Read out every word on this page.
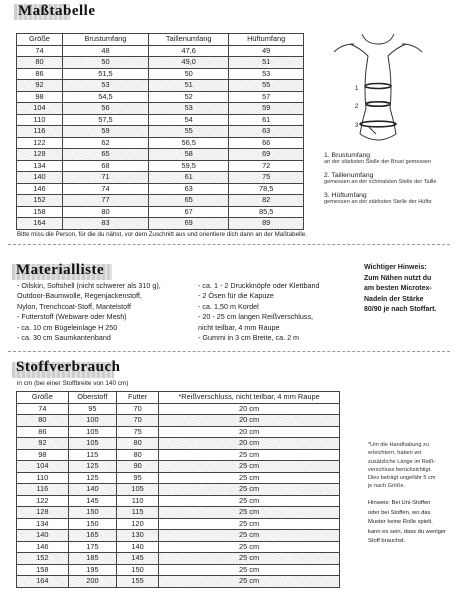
Maßtabelle
Größe	Brustumfang	Taillenumfang	Hüftumfang
74	48	47,6	49
80	50	49,0	51
86	51,5	50	53
92	53	51	55
98	54,5	52	57
104	56	53	59
110	57,5	54	61
116	59	55	63
122	62	56,5	66
128	65	58	69
134	68	59,5	72
140	71	61	75
146	74	63	78,5
152	77	65	82
158	80	67	85,5
164	83	69	89
Bitte miss die Person, für die du nähst, vor dem Zuschnitt aus und orientiere dich dann an der Maßtabelle.
1
2
3
1. Brustumfang
an der stärksten Stelle der Brust gemessen
2. Taillenumfang
gemessen an der schmalsten Stelle der Taille
3. Hüftumfang
gemessen an der stärksten Stelle der Hüfte
Materialliste
- Oilskin, Softshell (nicht schwerer als 310 g),
Outdoor-Baumwolle, Regenjackenstoff,
Nylon, Trenchcoat-Stoff, Mantelstoff
- Futterstoff (Webware oder Mesh)
- ca. 10 cm Bügeleinlage H 250
- ca. 30 cm Saumkantenband
- ca. 1 - 2 Druckknöpfe oder Klettband
- 2 Ösen für die Kapuze
- ca. 1,50 m Kordel
- 20 - 25 cm langen Reißverschluss,
nicht teilbar, 4 mm Raupe
- Gummi in 3 cm Breite, ca. 2 m
Wichtiger Hinweis:
Zum Nähen nutzt du
am besten Microtex-
Nadeln der Stärke
80/90 je nach Stoffart.
Stoffverbrauch
in cm (bei einer Stoffbreite von 140 cm)
Größe	Oberstoff	Futter	*Reißverschluss, nicht teilbar, 4 mm Raupe
74	95	70	20 cm
80	100	70	20 cm
86	105	75	20 cm
92	105	80	20 cm
98	115	80	25 cm
104	125	90	25 cm
110	125	95	25 cm
116	140	105	25 cm
122	145	110	25 cm
128	150	115	25 cm
134	150	120	25 cm
140	165	130	25 cm
146	175	140	25 cm
152	185	145	25 cm
158	195	150	25 cm
164	200	155	25 cm
*Um die Handhabung zu
erleichtern, haben wir
zusätzliche Länge im Reiß-
verschluss berücksichtigt.
Dies beträgt ungefähr 5 cm
je nach Größe.
Hinweis: Bei Uni-Stoffen
oder bei Stoffen, wo das
Muster keine Rolle spielt,
kann es sein, dass du weniger
Stoff brauchst.
